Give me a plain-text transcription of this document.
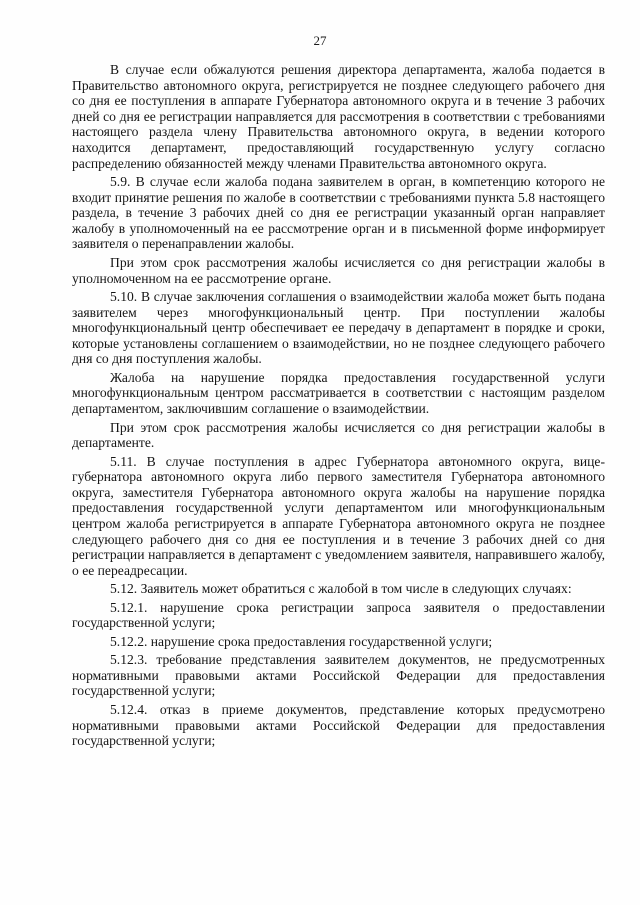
27

В случае если обжалуются решения директора департамента, жалоба подается в Правительство автономного округа, регистрируется не позднее следующего рабочего дня со дня ее поступления в аппарате Губернатора автономного округа и в течение 3 рабочих дней со дня ее регистрации направляется для рассмотрения в соответствии с требованиями настоящего раздела члену Правительства автономного округа, в ведении которого находится департамент, предоставляющий государственную услугу согласно распределению обязанностей между членами Правительства автономного округа.

5.9. В случае если жалоба подана заявителем в орган, в компетенцию которого не входит принятие решения по жалобе в соответствии с требованиями пункта 5.8 настоящего раздела, в течение 3 рабочих дней со дня ее регистрации указанный орган направляет жалобу в уполномоченный на ее рассмотрение орган и в письменной форме информирует заявителя о перенаправлении жалобы.

При этом срок рассмотрения жалобы исчисляется со дня регистрации жалобы в уполномоченном на ее рассмотрение органе.

5.10. В случае заключения соглашения о взаимодействии жалоба может быть подана заявителем через многофункциональный центр. При поступлении жалобы многофункциональный центр обеспечивает ее передачу в департамент в порядке и сроки, которые установлены соглашением о взаимодействии, но не позднее следующего рабочего дня со дня поступления жалобы.

Жалоба на нарушение порядка предоставления государственной услуги многофункциональным центром рассматривается в соответствии с настоящим разделом департаментом, заключившим соглашение о взаимодействии.

При этом срок рассмотрения жалобы исчисляется со дня регистрации жалобы в департаменте.

5.11. В случае поступления в адрес Губернатора автономного округа, вице-губернатора автономного округа либо первого заместителя Губернатора автономного округа, заместителя Губернатора автономного округа жалобы на нарушение порядка предоставления государственной услуги департаментом или многофункциональным центром жалоба регистрируется в аппарате Губернатора автономного округа не позднее следующего рабочего дня со дня ее поступления и в течение 3 рабочих дней со дня регистрации направляется в департамент с уведомлением заявителя, направившего жалобу, о ее переадресации.

5.12. Заявитель может обратиться с жалобой в том числе в следующих случаях:

5.12.1. нарушение срока регистрации запроса заявителя о предоставлении государственной услуги;

5.12.2. нарушение срока предоставления государственной услуги;

5.12.3. требование представления заявителем документов, не предусмотренных нормативными правовыми актами Российской Федерации для предоставления государственной услуги;

5.12.4. отказ в приеме документов, представление которых предусмотрено нормативными правовыми актами Российской Федерации для предоставления государственной услуги;
